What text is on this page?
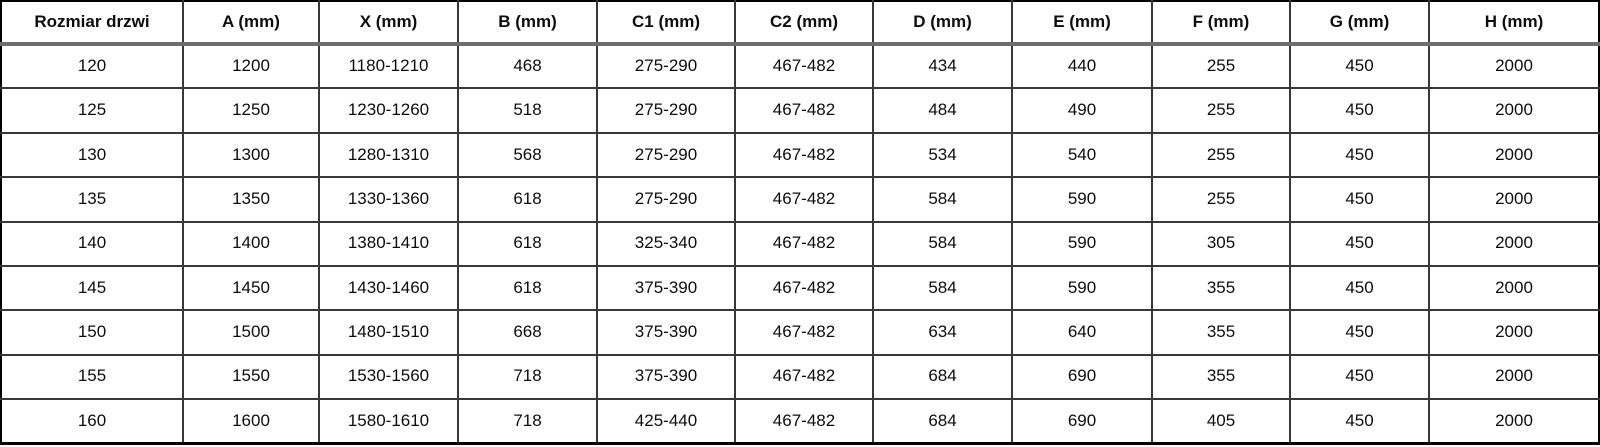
Rozmiar drzwi	A (mm)	X (mm)	B (mm)	C1 (mm)	C2 (mm)	D (mm)	E (mm)	F (mm)	G (mm)	H (mm)
120	1200	1180-1210	468	275-290	467-482	434	440	255	450	2000
125	1250	1230-1260	518	275-290	467-482	484	490	255	450	2000
130	1300	1280-1310	568	275-290	467-482	534	540	255	450	2000
135	1350	1330-1360	618	275-290	467-482	584	590	255	450	2000
140	1400	1380-1410	618	325-340	467-482	584	590	305	450	2000
145	1450	1430-1460	618	375-390	467-482	584	590	355	450	2000
150	1500	1480-1510	668	375-390	467-482	634	640	355	450	2000
155	1550	1530-1560	718	375-390	467-482	684	690	355	450	2000
160	1600	1580-1610	718	425-440	467-482	684	690	405	450	2000
